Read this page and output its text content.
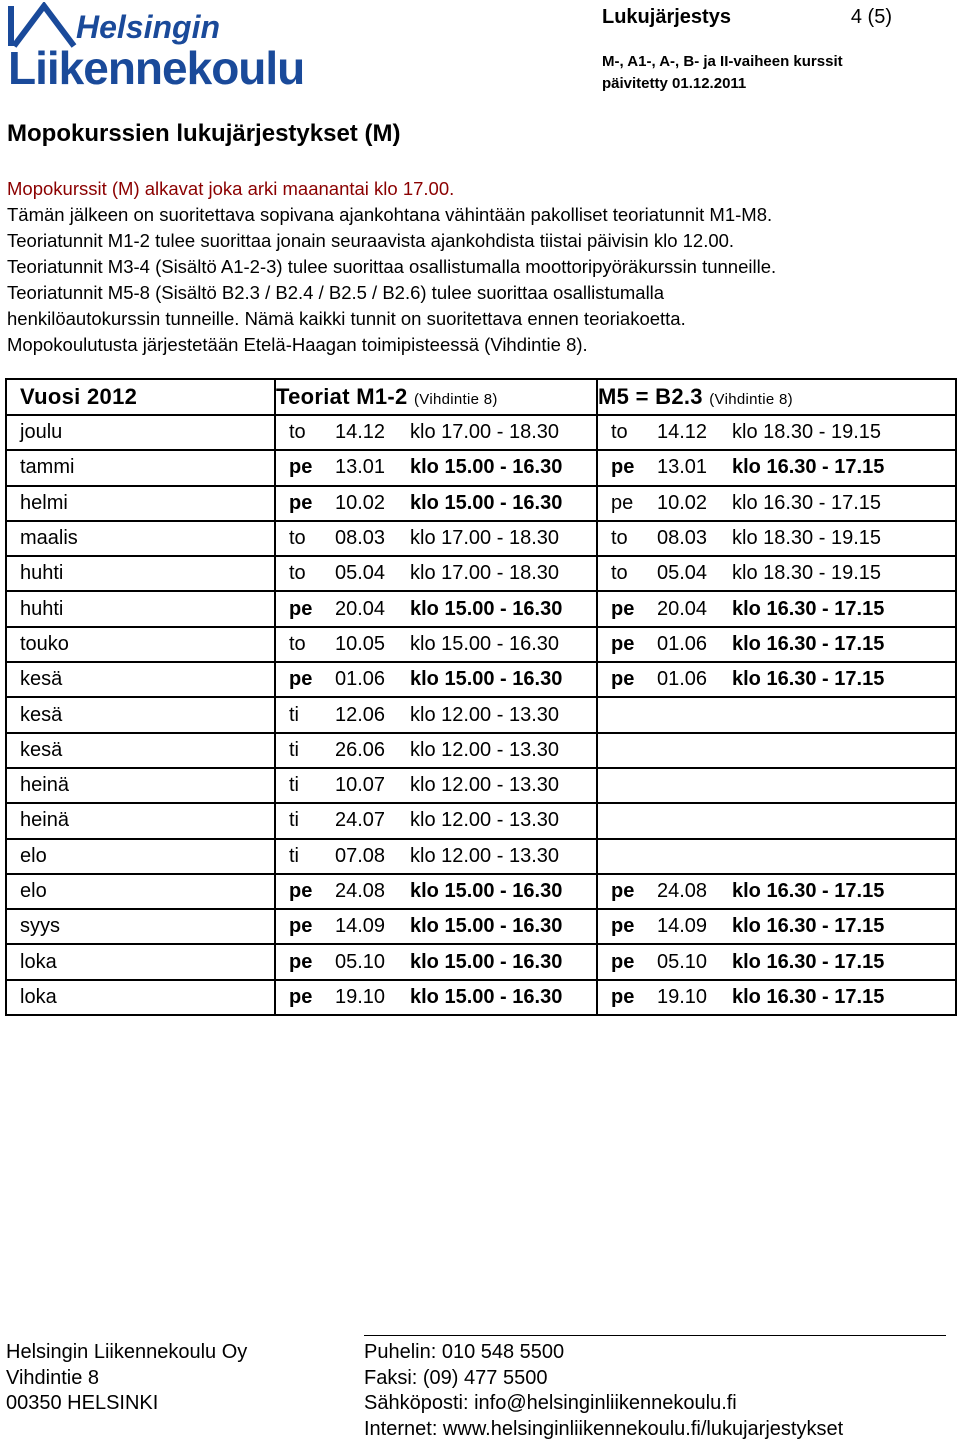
Helsingin
Liikennekoulu
Lukujärjestys	4 (5)
M-, A1-, A-, B- ja II-vaiheen kurssit
päivitetty 01.12.2011
Mopokurssien lukujärjestykset (M)
Mopokurssit (M) alkavat joka arki maanantai klo 17.00.
Tämän jälkeen on suoritettava sopivana ajankohtana vähintään pakolliset teoriatunnit M1-M8.
Teoriatunnit M1-2 tulee suorittaa jonain seuraavista ajankohdista tiistai päivisin klo 12.00.
Teoriatunnit M3-4 (Sisältö A1-2-3) tulee suorittaa osallistumalla moottoripyöräkurssin tunneille.
Teoriatunnit M5-8 (Sisältö B2.3 / B2.4 / B2.5 / B2.6) tulee suorittaa osallistumalla
henkilöautokurssin tunneille. Nämä kaikki tunnit on suoritettava ennen teoriakoetta.
Mopokoulutusta järjestetään Etelä-Haagan toimipisteessä (Vihdintie 8).
Vuosi 2012	Teoriat M1-2 (Vihdintie 8)	M5 = B2.3 (Vihdintie 8)
joulu	to 14.12 klo 17.00 - 18.30	to 14.12 klo 18.30 - 19.15

tammi	pe 13.01 klo 15.00 - 16.30	pe 13.01 klo 16.30 - 17.15

helmi	pe 10.02 klo 15.00 - 16.30	pe 10.02 klo 16.30 - 17.15

maalis	to 08.03 klo 17.00 - 18.30	to 08.03 klo 18.30 - 19.15

huhti	to 05.04 klo 17.00 - 18.30	to 05.04 klo 18.30 - 19.15

huhti	pe 20.04 klo 15.00 - 16.30	pe 20.04 klo 16.30 - 17.15

touko	to 10.05 klo 15.00 - 16.30	pe 01.06 klo 16.30 - 17.15

kesä	pe 01.06 klo 15.00 - 16.30	pe 01.06 klo 16.30 - 17.15

kesä	ti 12.06 klo 12.00 - 13.30	

kesä	ti 26.06 klo 12.00 - 13.30	

heinä	ti 10.07 klo 12.00 - 13.30	

heinä	ti 24.07 klo 12.00 - 13.30	

elo	ti 07.08 klo 12.00 - 13.30	

elo	pe 24.08 klo 15.00 - 16.30	pe 24.08 klo 16.30 - 17.15

syys	pe 14.09 klo 15.00 - 16.30	pe 14.09 klo 16.30 - 17.15

loka	pe 05.10 klo 15.00 - 16.30	pe 05.10 klo 16.30 - 17.15

loka	pe 19.10 klo 15.00 - 16.30	pe 19.10 klo 16.30 - 17.15
Helsingin Liikennekoulu Oy
Vihdintie 8
00350 HELSINKI
Puhelin: 010 548 5500
Faksi: (09) 477 5500
Sähköposti: info@helsinginliikennekoulu.fi
Internet: www.helsinginliikennekoulu.fi/lukujarjestykset
